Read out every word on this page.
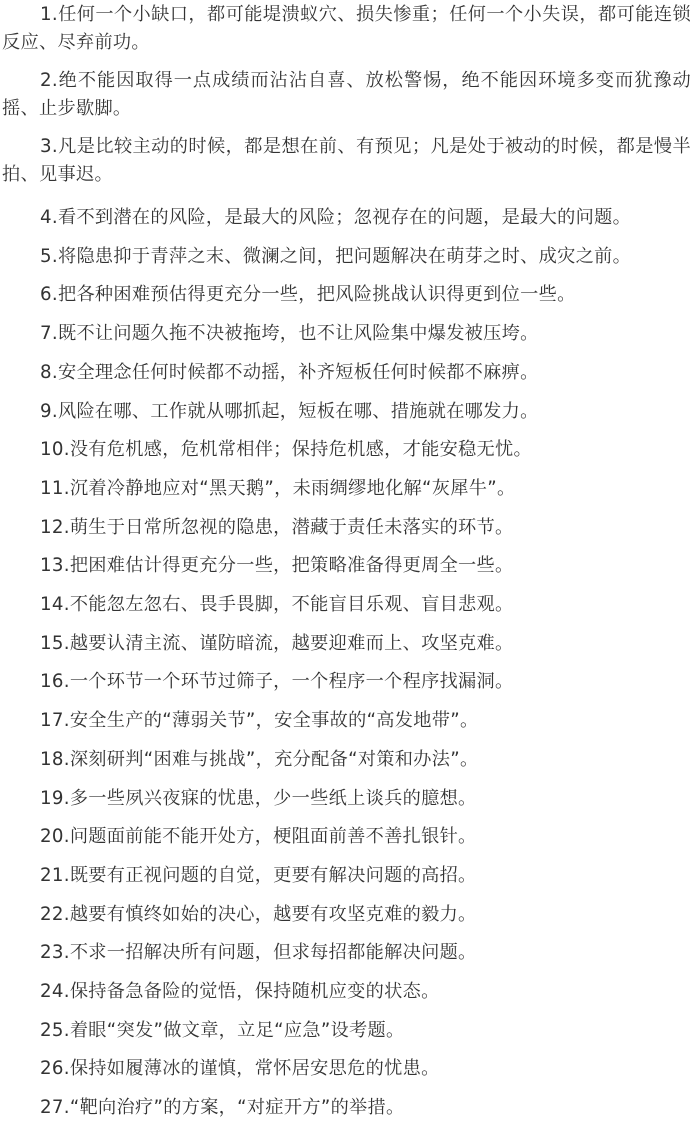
1.任何一个小缺口，都可能堤溃蚁穴、损失惨重；任何一个小失误，都可能连锁反应、尽弃前功。

2.绝不能因取得一点成绩而沾沾自喜、放松警惕，绝不能因环境多变而犹豫动摇、止步歇脚。

3.凡是比较主动的时候，都是想在前、有预见；凡是处于被动的时候，都是慢半拍、见事迟。

4.看不到潜在的风险，是最大的风险；忽视存在的问题，是最大的问题。

5.将隐患抑于青萍之末、微澜之间，把问题解决在萌芽之时、成灾之前。

6.把各种困难预估得更充分一些，把风险挑战认识得更到位一些。

7.既不让问题久拖不决被拖垮，也不让风险集中爆发被压垮。

8.安全理念任何时候都不动摇，补齐短板任何时候都不麻痹。

9.风险在哪、工作就从哪抓起，短板在哪、措施就在哪发力。

10.没有危机感，危机常相伴；保持危机感，才能安稳无忧。

11.沉着冷静地应对“黑天鹅”，未雨绸缪地化解“灰犀牛”。

12.萌生于日常所忽视的隐患，潜藏于责任未落实的环节。

13.把困难估计得更充分一些，把策略准备得更周全一些。

14.不能忽左忽右、畏手畏脚，不能盲目乐观、盲目悲观。

15.越要认清主流、谨防暗流，越要迎难而上、攻坚克难。

16.一个环节一个环节过筛子，一个程序一个程序找漏洞。

17.安全生产的“薄弱关节”，安全事故的“高发地带”。

18.深刻研判“困难与挑战”，充分配备“对策和办法”。

19.多一些夙兴夜寐的忧患，少一些纸上谈兵的臆想。

20.问题面前能不能开处方，梗阻面前善不善扎银针。

21.既要有正视问题的自觉，更要有解决问题的高招。

22.越要有慎终如始的决心，越要有攻坚克难的毅力。

23.不求一招解决所有问题，但求每招都能解决问题。

24.保持备急备险的觉悟，保持随机应变的状态。

25.着眼“突发”做文章，立足“应急”设考题。

26.保持如履薄冰的谨慎，常怀居安思危的忧患。

27.“靶向治疗”的方案，“对症开方”的举措。
